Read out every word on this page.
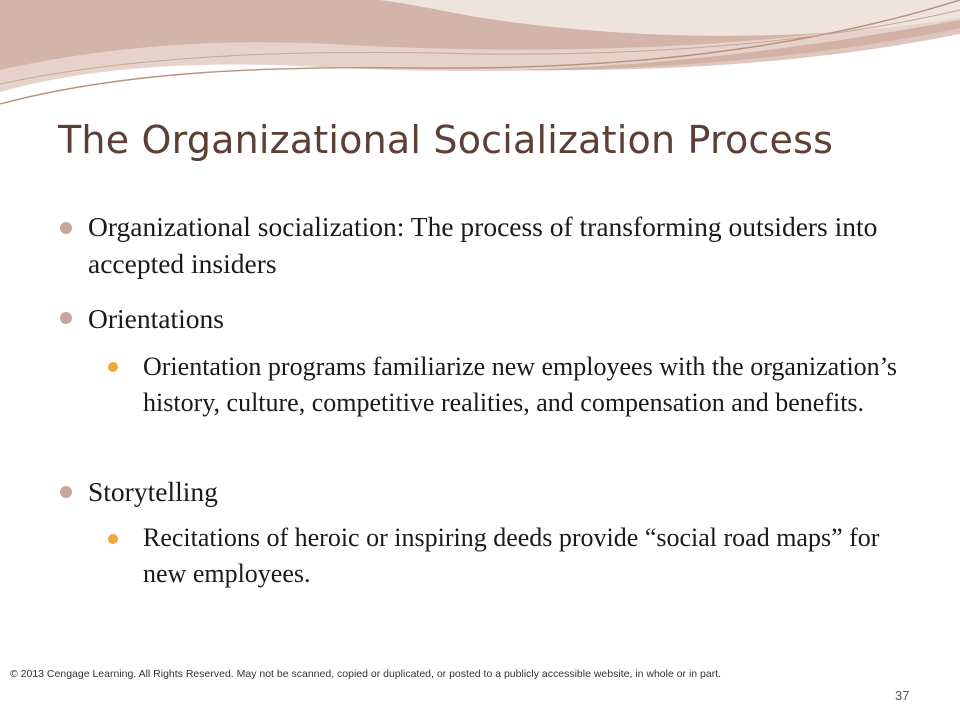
The Organizational Socialization Process

Organizational socialization: The process of transforming outsiders into accepted insiders

Orientations

Orientation programs familiarize new employees with the organization’s history, culture, competitive realities, and compensation and benefits.

Storytelling

Recitations of heroic or inspiring deeds provide “social road maps” for new employees.

© 2013 Cengage Learning. All Rights Reserved. May not be scanned, copied or duplicated, or posted to a publicly accessible website, in whole or in part.
37
